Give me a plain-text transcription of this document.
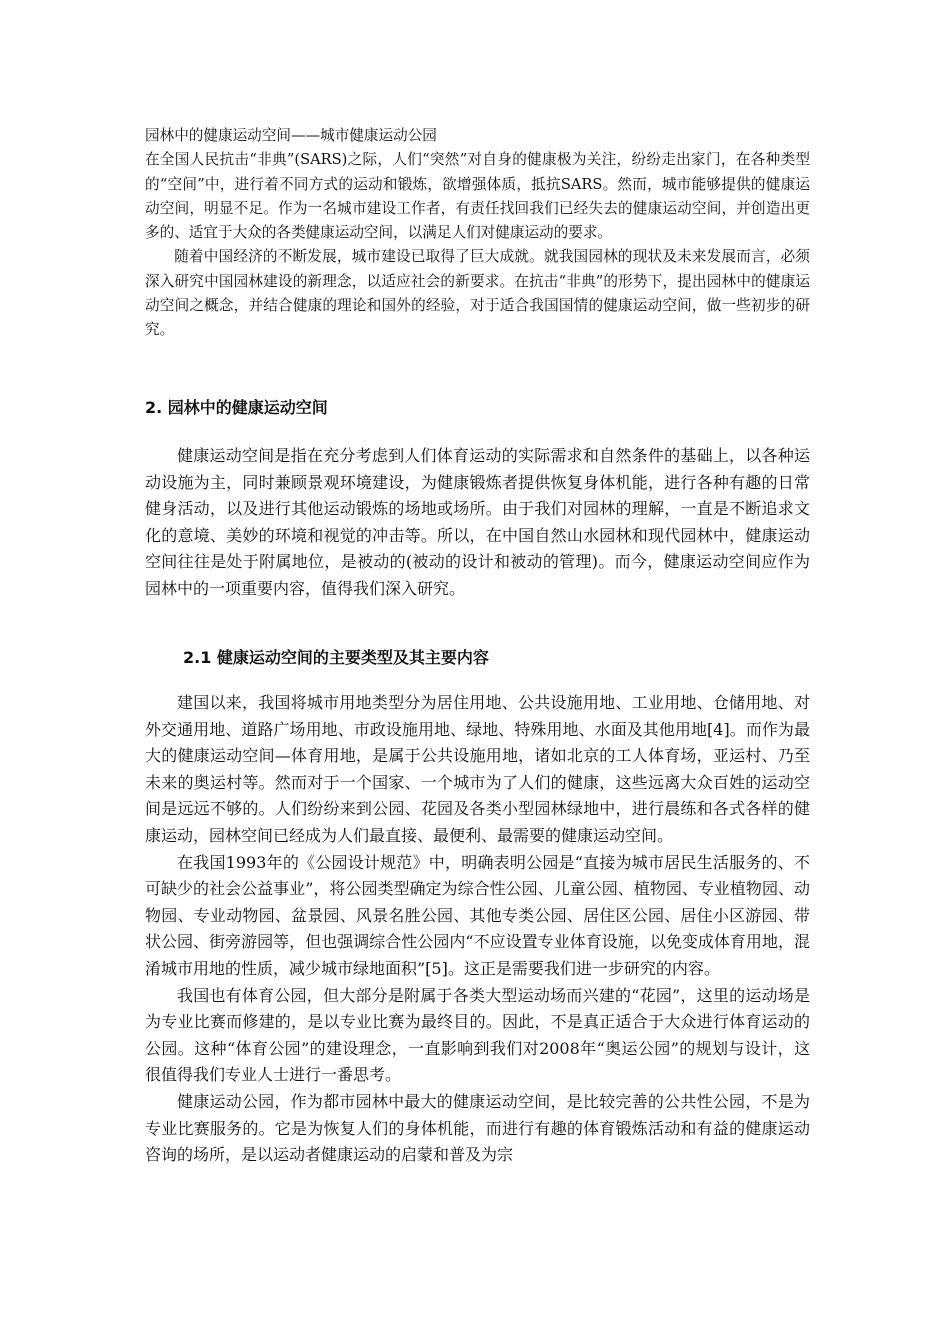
园林中的健康运动空间——城市健康运动公园

在全国人民抗击“非典”(SARS)之际，人们“突然”对自身的健康极为关注，纷纷走出家门，在各种类型的“空间”中，进行着不同方式的运动和锻炼，欲增强体质，抵抗SARS。然而，城市能够提供的健康运动空间，明显不足。作为一名城市建设工作者，有责任找回我们已经失去的健康运动空间，并创造出更多的、适宜于大众的各类健康运动空间，以满足人们对健康运动的要求。

随着中国经济的不断发展，城市建设已取得了巨大成就。就我国园林的现状及未来发展而言，必须深入研究中国园林建设的新理念，以适应社会的新要求。在抗击“非典”的形势下，提出园林中的健康运动空间之概念，并结合健康的理论和国外的经验，对于适合我国国情的健康运动空间，做一些初步的研究。

2. 园林中的健康运动空间

健康运动空间是指在充分考虑到人们体育运动的实际需求和自然条件的基础上，以各种运动设施为主，同时兼顾景观环境建设，为健康锻炼者提供恢复身体机能，进行各种有趣的日常健身活动，以及进行其他运动锻炼的场地或场所。由于我们对园林的理解，一直是不断追求文化的意境、美妙的环境和视觉的冲击等。所以，在中国自然山水园林和现代园林中，健康运动空间往往是处于附属地位，是被动的(被动的设计和被动的管理)。而今，健康运动空间应作为园林中的一项重要内容，值得我们深入研究。

2.1 健康运动空间的主要类型及其主要内容

建国以来，我国将城市用地类型分为居住用地、公共设施用地、工业用地、仓储用地、对外交通用地、道路广场用地、市政设施用地、绿地、特殊用地、水面及其他用地[4]。而作为最大的健康运动空间—体育用地，是属于公共设施用地，诸如北京的工人体育场，亚运村、乃至未来的奥运村等。然而对于一个国家、一个城市为了人们的健康，这些远离大众百姓的运动空间是远远不够的。人们纷纷来到公园、花园及各类小型园林绿地中，进行晨练和各式各样的健康运动，园林空间已经成为人们最直接、最便利、最需要的健康运动空间。

在我国1993年的《公园设计规范》中，明确表明公园是“直接为城市居民生活服务的、不可缺少的社会公益事业”，将公园类型确定为综合性公园、儿童公园、植物园、专业植物园、动物园、专业动物园、盆景园、风景名胜公园、其他专类公园、居住区公园、居住小区游园、带状公园、街旁游园等，但也强调综合性公园内“不应设置专业体育设施，以免变成体育用地，混淆城市用地的性质，减少城市绿地面积”[5]。这正是需要我们进一步研究的内容。

我国也有体育公园，但大部分是附属于各类大型运动场而兴建的“花园”，这里的运动场是为专业比赛而修建的，是以专业比赛为最终目的。因此，不是真正适合于大众进行体育运动的公园。这种“体育公园”的建设理念，一直影响到我们对2008年“奥运公园”的规划与设计，这很值得我们专业人士进行一番思考。

健康运动公园，作为都市园林中最大的健康运动空间，是比较完善的公共性公园，不是为专业比赛服务的。它是为恢复人们的身体机能，而进行有趣的体育锻炼活动和有益的健康运动咨询的场所，是以运动者健康运动的启蒙和普及为宗
